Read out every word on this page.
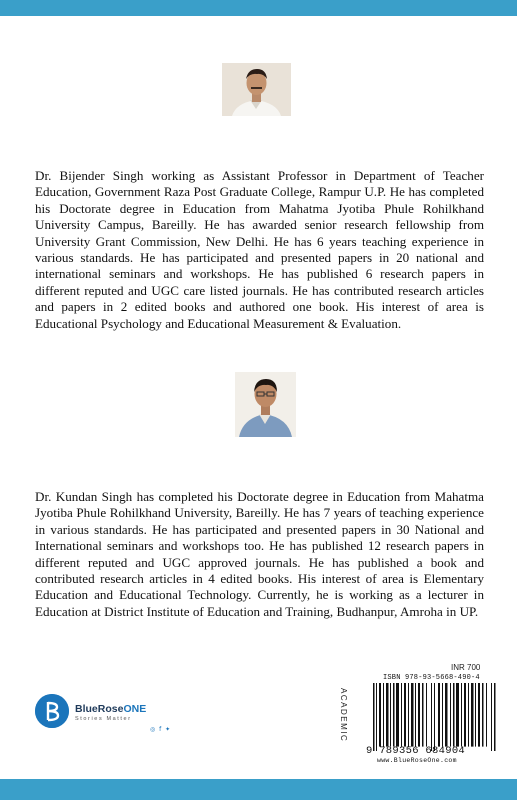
Dr. Bijender Singh working as Assistant Professor in Department of Teacher Education, Government Raza Post Graduate College, Rampur U.P. He has completed his Doctorate degree in Education from Mahatma Jyotiba Phule Rohilkhand University Campus, Bareilly. He has awarded senior research fellowship from University Grant Commission, New Delhi. He has 6 years teaching experience in various standards. He has participated and presented papers in 20 national and international seminars and workshops. He has published 6 research papers in different reputed and UGC care listed journals. He has contributed research articles and papers in 2 edited books and authored one book. His interest of area is Educational Psychology and Educational Measurement & Evaluation.

Dr. Kundan Singh has completed his Doctorate degree in Education from Mahatma Jyotiba Phule Rohilkhand University, Bareilly. He has 7 years of teaching experience in various standards. He has participated and presented papers in 30 National and International seminars and workshops too. He has published 12 research papers in different reputed and UGC approved journals. He has published a book and contributed research articles in 4 edited books. His interest of area is Elementary Education and Educational Technology. Currently, he is working as a lecturer in Education at District Institute of Education and Training, Budhanpur, Amroha in UP.

BlueRoseONE
Stories Matter
◎ f ✦
INR 700
ACADEMIC
ISBN 978-93-5668-490-4
9 789356 684904
www.BlueRoseOne.com
